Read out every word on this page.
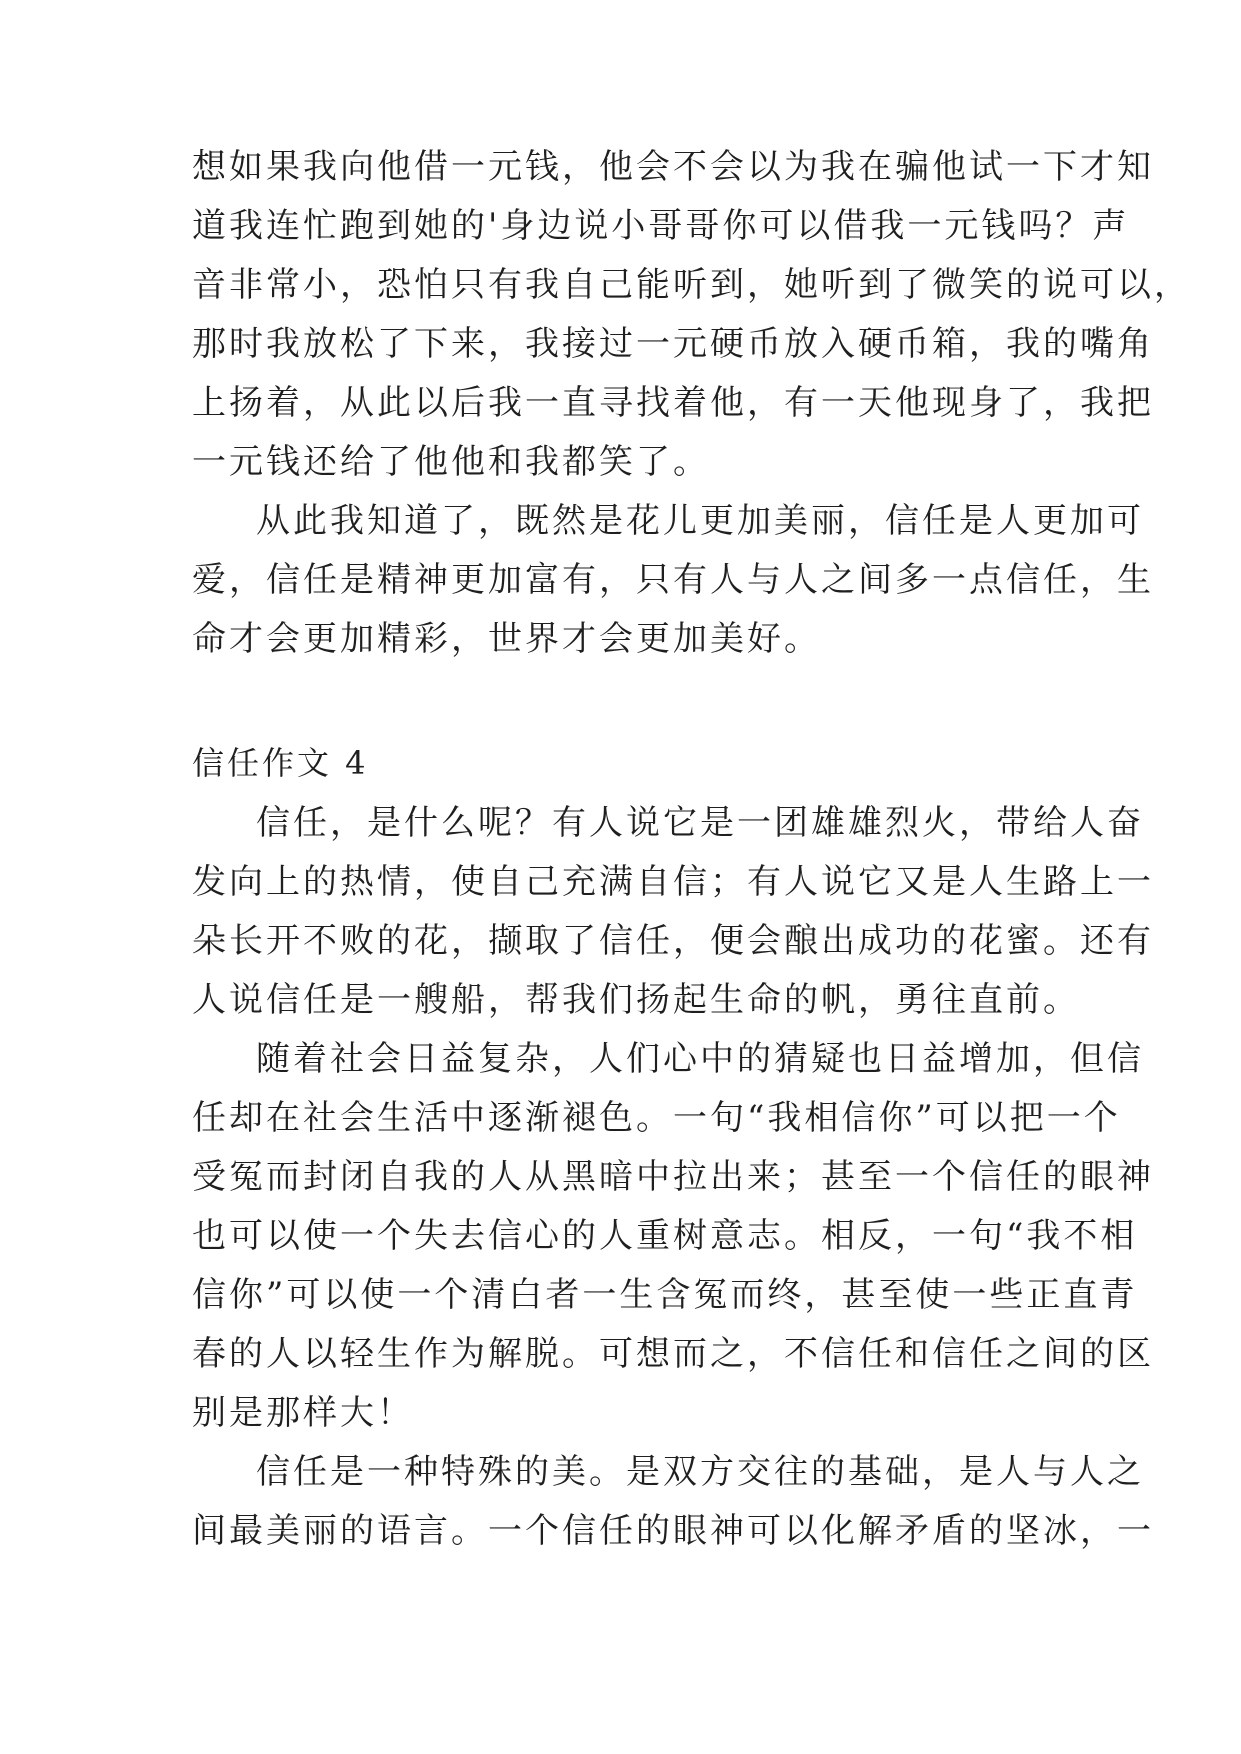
想如果我向他借一元钱，他会不会以为我在骗他试一下才知
道我连忙跑到她的'身边说小哥哥你可以借我一元钱吗？声
音非常小，恐怕只有我自己能听到，她听到了微笑的说可以，
那时我放松了下来，我接过一元硬币放入硬币箱，我的嘴角
上扬着，从此以后我一直寻找着他，有一天他现身了，我把
一元钱还给了他他和我都笑了。
从此我知道了，既然是花儿更加美丽，信任是人更加可
爱，信任是精神更加富有，只有人与人之间多一点信任，生
命才会更加精彩，世界才会更加美好。
信任作文 4
信任，是什么呢？有人说它是一团雄雄烈火，带给人奋
发向上的热情，使自己充满自信；有人说它又是人生路上一
朵长开不败的花，撷取了信任，便会酿出成功的花蜜。还有
人说信任是一艘船，帮我们扬起生命的帆，勇往直前。
随着社会日益复杂，人们心中的猜疑也日益增加，但信
任却在社会生活中逐渐褪色。一句“我相信你”可以把一个
受冤而封闭自我的人从黑暗中拉出来；甚至一个信任的眼神
也可以使一个失去信心的人重树意志。相反，一句“我不相
信你”可以使一个清白者一生含冤而终，甚至使一些正直青
春的人以轻生作为解脱。可想而之，不信任和信任之间的区
别是那样大！
信任是一种特殊的美。是双方交往的基础，是人与人之
间最美丽的语言。一个信任的眼神可以化解矛盾的坚冰，一
